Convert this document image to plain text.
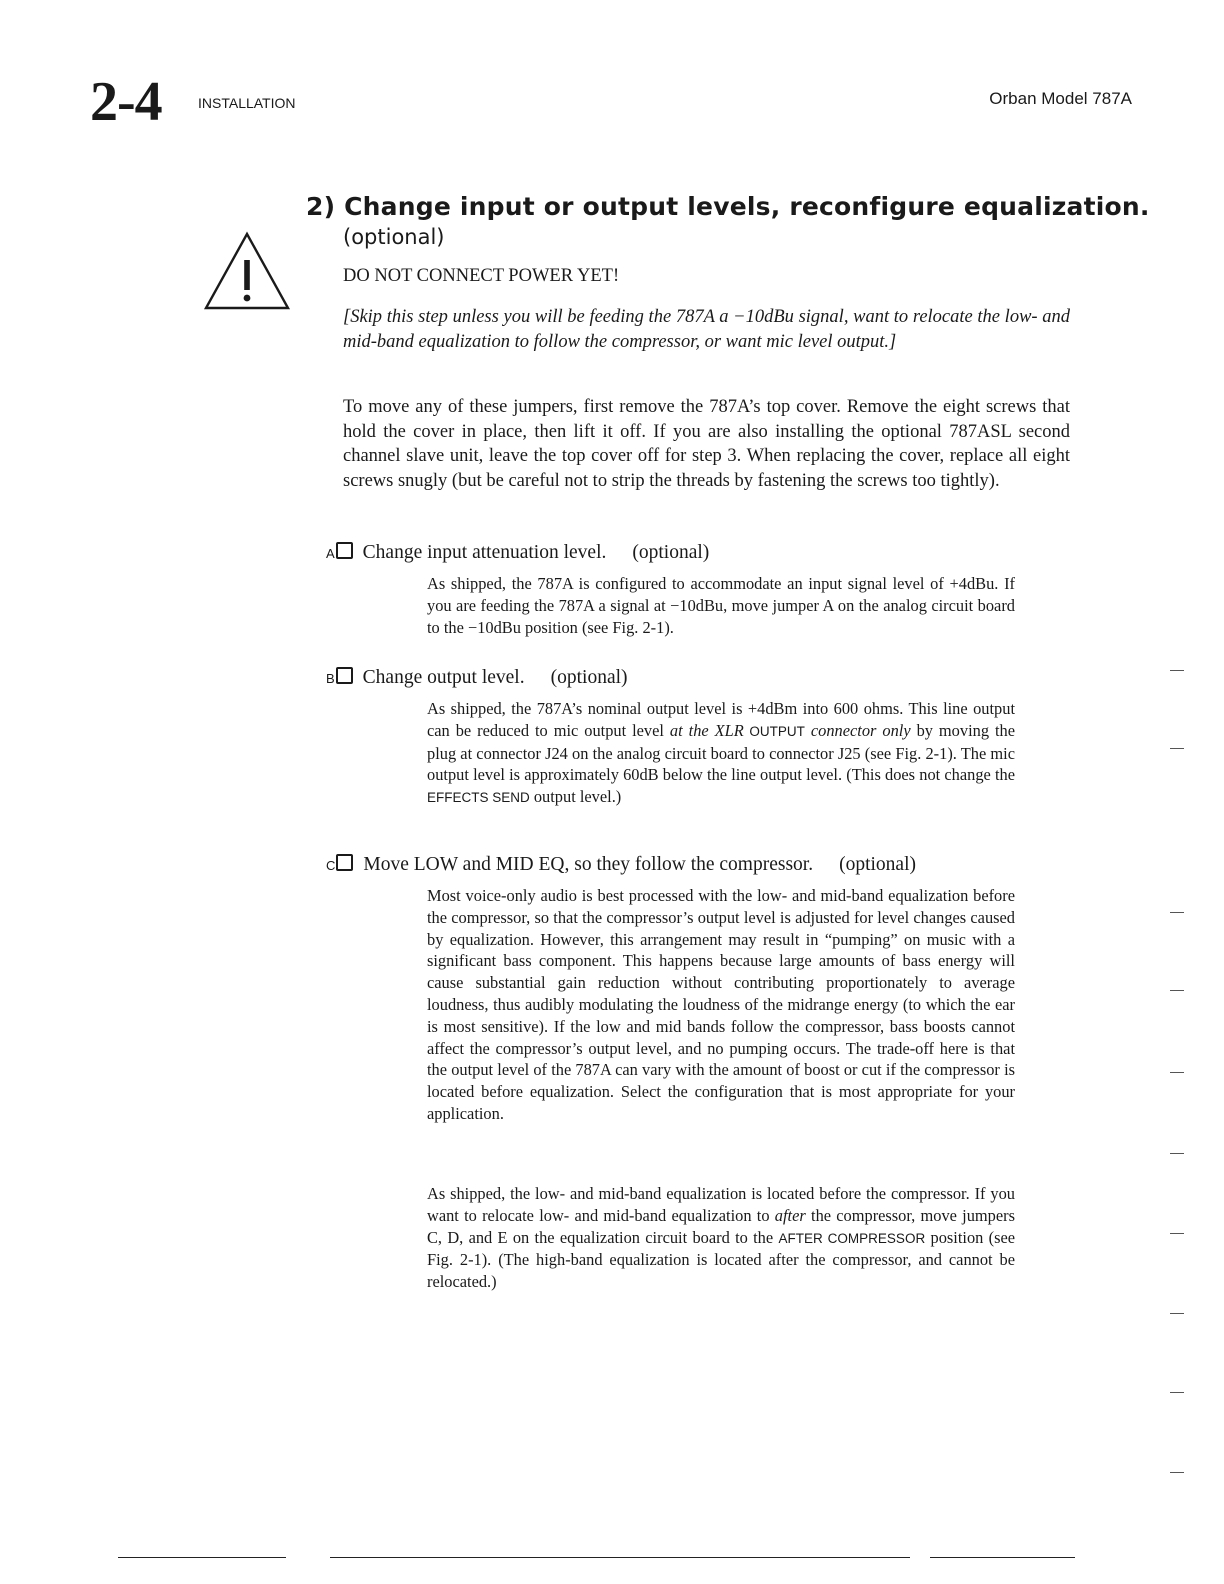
2-4	INSTALLATION	Orban Model 787A
2) Change input or output levels, reconfigure equalization.
(optional)

DO NOT CONNECT POWER YET!

[Skip this step unless you will be feeding the 787A a −10dBu signal, want to relocate the low- and mid-band equalization to follow the compressor, or want mic level output.]

To move any of these jumpers, first remove the 787A’s top cover. Remove the eight screws that hold the cover in place, then lift it off. If you are also installing the optional 787ASL second channel slave unit, leave the top cover off for step 3. When replacing the cover, replace all eight screws snugly (but be careful not to strip the threads by fastening the screws too tightly).

A Change input attenuation level. (optional)

As shipped, the 787A is configured to accommodate an input signal level of +4dBu. If you are feeding the 787A a signal at −10dBu, move jumper A on the analog circuit board to the −10dBu position (see Fig. 2-1).

B Change output level. (optional)

As shipped, the 787A’s nominal output level is +4dBm into 600 ohms. This line output can be reduced to mic output level at the XLR OUTPUT connector only by moving the plug at connector J24 on the analog circuit board to connector J25 (see Fig. 2-1). The mic output level is approximately 60dB below the line output level. (This does not change the EFFECTS SEND output level.)

C Move LOW and MID EQ, so they follow the compressor. (optional)

Most voice-only audio is best processed with the low- and mid-band equalization before the compressor, so that the compressor’s output level is adjusted for level changes caused by equalization. However, this arrangement may result in “pumping” on music with a significant bass component. This happens because large amounts of bass energy will cause substantial gain reduction without contributing proportionately to average loudness, thus audibly modulating the loudness of the midrange energy (to which the ear is most sensitive). If the low and mid bands follow the compressor, bass boosts cannot affect the compressor’s output level, and no pumping occurs. The trade-off here is that the output level of the 787A can vary with the amount of boost or cut if the compressor is located before equalization. Select the configuration that is most appropriate for your application.

As shipped, the low- and mid-band equalization is located before the compressor. If you want to relocate low- and mid-band equalization to after the compressor, move jumpers C, D, and E on the equalization circuit board to the AFTER COMPRESSOR position (see Fig. 2-1). (The high-band equalization is located after the compressor, and cannot be relocated.)
